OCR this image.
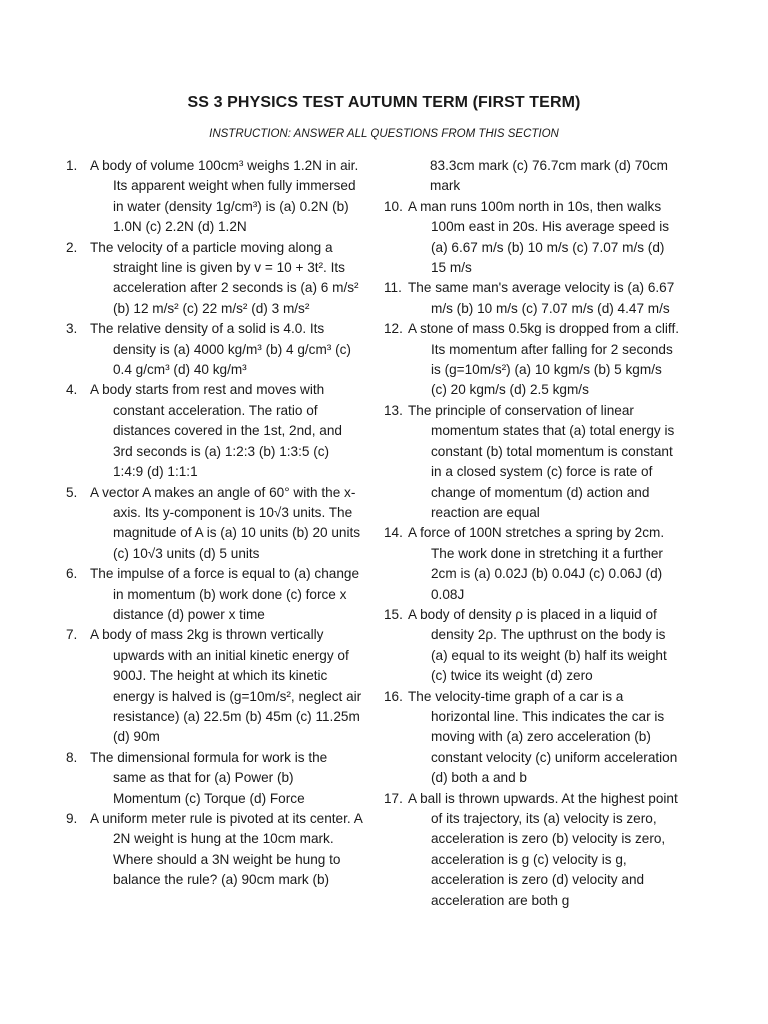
SS 3 PHYSICS TEST AUTUMN TERM (FIRST TERM)
INSTRUCTION: ANSWER ALL QUESTIONS FROM THIS SECTION
1. A body of volume 100cm³ weighs 1.2N in air. Its apparent weight when fully immersed in water (density 1g/cm³) is (a) 0.2N (b) 1.0N (c) 2.2N (d) 1.2N
2. The velocity of a particle moving along a straight line is given by v = 10 + 3t². Its acceleration after 2 seconds is (a) 6 m/s² (b) 12 m/s² (c) 22 m/s² (d) 3 m/s²
3. The relative density of a solid is 4.0. Its density is (a) 4000 kg/m³ (b) 4 g/cm³ (c) 0.4 g/cm³ (d) 40 kg/m³
4. A body starts from rest and moves with constant acceleration. The ratio of distances covered in the 1st, 2nd, and 3rd seconds is (a) 1:2:3 (b) 1:3:5 (c) 1:4:9 (d) 1:1:1
5. A vector A makes an angle of 60° with the x-axis. Its y-component is 10√3 units. The magnitude of A is (a) 10 units (b) 20 units (c) 10√3 units (d) 5 units
6. The impulse of a force is equal to (a) change in momentum (b) work done (c) force x distance (d) power x time
7. A body of mass 2kg is thrown vertically upwards with an initial kinetic energy of 900J. The height at which its kinetic energy is halved is (g=10m/s², neglect air resistance) (a) 22.5m (b) 45m (c) 11.25m (d) 90m
8. The dimensional formula for work is the same as that for (a) Power (b) Momentum (c) Torque (d) Force
9. A uniform meter rule is pivoted at its center. A 2N weight is hung at the 10cm mark. Where should a 3N weight be hung to balance the rule? (a) 90cm mark (b)
83.3cm mark (c) 76.7cm mark (d) 70cm mark
10. A man runs 100m north in 10s, then walks 100m east in 20s. His average speed is (a) 6.67 m/s (b) 10 m/s (c) 7.07 m/s (d) 15 m/s
11. The same man's average velocity is (a) 6.67 m/s (b) 10 m/s (c) 7.07 m/s (d) 4.47 m/s
12. A stone of mass 0.5kg is dropped from a cliff. Its momentum after falling for 2 seconds is (g=10m/s²) (a) 10 kgm/s (b) 5 kgm/s (c) 20 kgm/s (d) 2.5 kgm/s
13. The principle of conservation of linear momentum states that (a) total energy is constant (b) total momentum is constant in a closed system (c) force is rate of change of momentum (d) action and reaction are equal
14. A force of 100N stretches a spring by 2cm. The work done in stretching it a further 2cm is (a) 0.02J (b) 0.04J (c) 0.06J (d) 0.08J
15. A body of density ρ is placed in a liquid of density 2ρ. The upthrust on the body is (a) equal to its weight (b) half its weight (c) twice its weight (d) zero
16. The velocity-time graph of a car is a horizontal line. This indicates the car is moving with (a) zero acceleration (b) constant velocity (c) uniform acceleration (d) both a and b
17. A ball is thrown upwards. At the highest point of its trajectory, its (a) velocity is zero, acceleration is zero (b) velocity is zero, acceleration is g (c) velocity is g, acceleration is zero (d) velocity and acceleration are both g
